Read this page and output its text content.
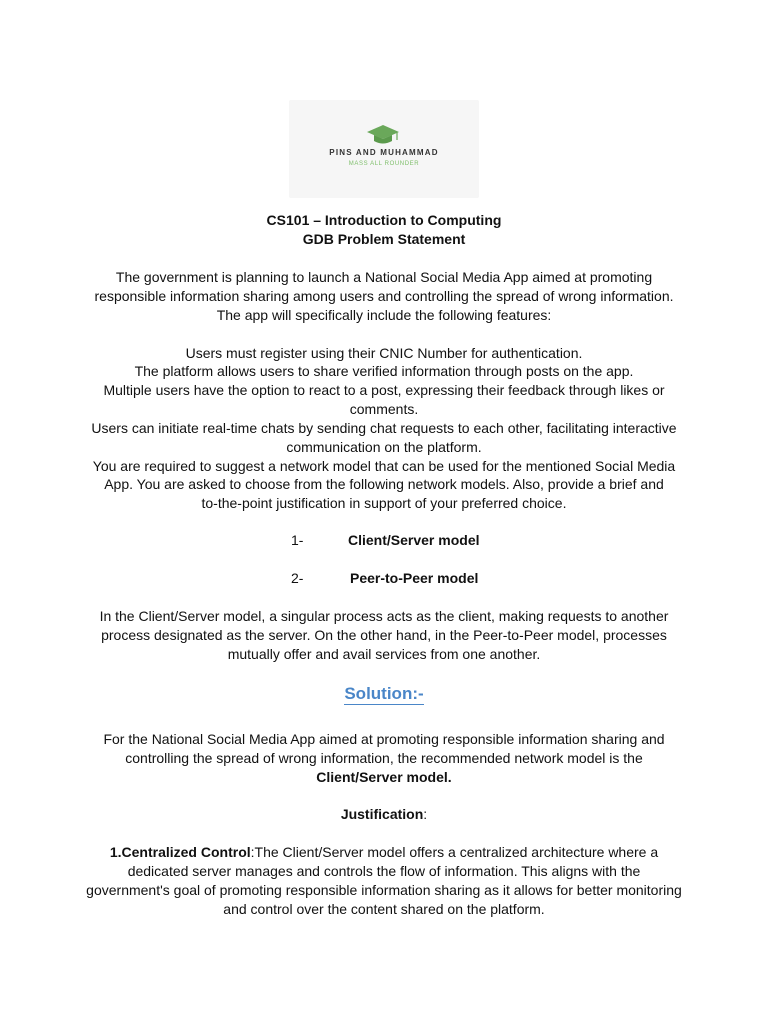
PINS AND MUHAMMAD
MASS ALL ROUNDER
CS101 – Introduction to Computing
GDB Problem Statement
The government is planning to launch a National Social Media App aimed at promoting
responsible information sharing among users and controlling the spread of wrong information.
The app will specifically include the following features:
Users must register using their CNIC Number for authentication.
The platform allows users to share verified information through posts on the app.
Multiple users have the option to react to a post, expressing their feedback through likes or
comments.
Users can initiate real-time chats by sending chat requests to each other, facilitating interactive
communication on the platform.
You are required to suggest a network model that can be used for the mentioned Social Media
App. You are asked to choose from the following network models. Also, provide a brief and
to-the-point justification in support of your preferred choice.
1-	Client/Server model
2-	Peer-to-Peer model
In the Client/Server model, a singular process acts as the client, making requests to another
process designated as the server. On the other hand, in the Peer-to-Peer model, processes
mutually offer and avail services from one another.
Solution:-
For the National Social Media App aimed at promoting responsible information sharing and
controlling the spread of wrong information, the recommended network model is the
Client/Server model.
Justification:
1.Centralized Control:The Client/Server model offers a centralized architecture where a
dedicated server manages and controls the flow of information. This aligns with the
government's goal of promoting responsible information sharing as it allows for better monitoring
and control over the content shared on the platform.
